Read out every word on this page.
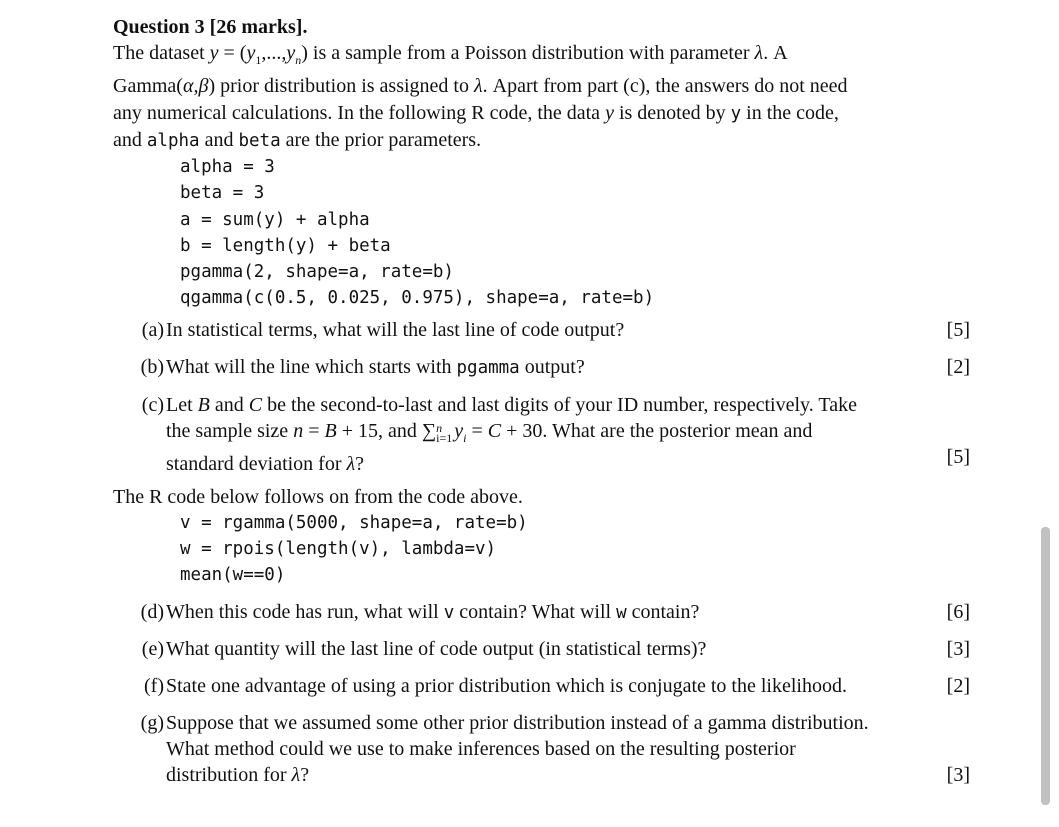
Question 3 [26 marks].
The dataset $y = (y_1,...,y_n)$ is a sample from a Poisson distribution with parameter λ. A
Gamma(α,β) prior distribution is assigned to λ. Apart from part (c), the answers do not need
any numerical calculations. In the following R code, the data y is denoted by y in the code,
and alpha and beta are the prior parameters.
alpha = 3
beta = 3
a = sum(y) + alpha
b = length(y) + beta
pgamma(2, shape=a, rate=b)
qgamma(c(0.5, 0.025, 0.975), shape=a, rate=b)
(a) In statistical terms, what will the last line of code output?	[5]
(b) What will the line which starts with pgamma output?	[2]
(c) Let B and C be the second-to-last and last digits of your ID number, respectively. Take
the sample size n = B + 15, and ∑n
i=1 $y_i = C + 30$. What are the posterior mean and
standard deviation for λ?	[5]
The R code below follows on from the code above.
v = rgamma(5000, shape=a, rate=b)
w = rpois(length(v), lambda=v)
mean(w==0)
(d) When this code has run, what will v contain? What will w contain?	[6]
(e) What quantity will the last line of code output (in statistical terms)?	[3]
(f) State one advantage of using a prior distribution which is conjugate to the likelihood.	[2]
(g) Suppose that we assumed some other prior distribution instead of a gamma distribution.
What method could we use to make inferences based on the resulting posterior
distribution for λ?	[3]
